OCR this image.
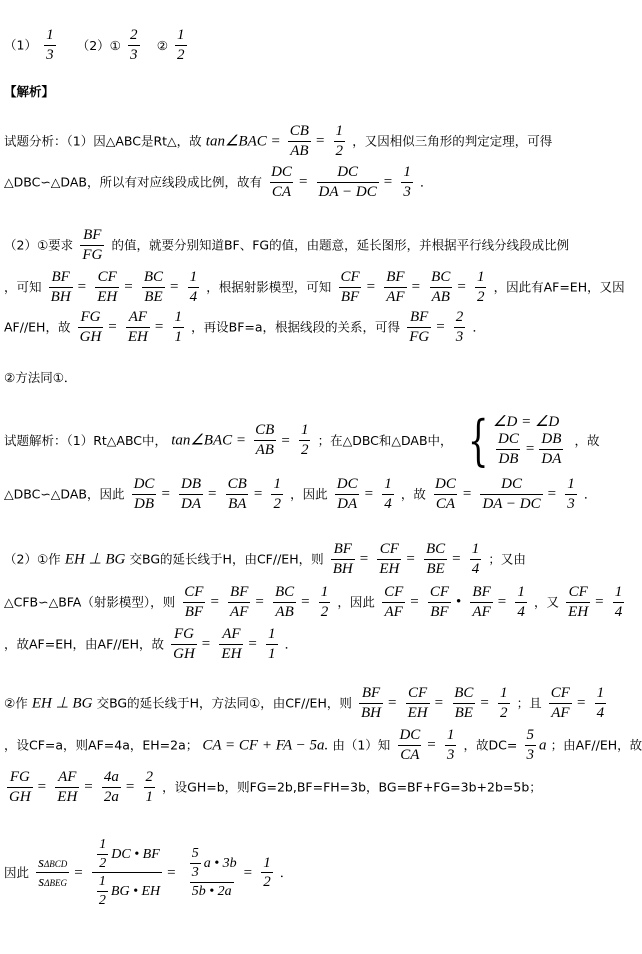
$(1) \frac{1}{3}$ （2）① $\frac{2}{3}$ ② $\frac{1}{2}$
【解析】
试题分析：（1）因△ABC是Rt△，故 tan∠BAC = $\frac{CB}{AB} = \frac{1}{2}$ ，又因相似三角形的判定定理，可得
△DBC∽△DAB，所以有对应线段成比例，故有 $\frac{DC}{CA} = \frac{DC}{DA - DC} = \frac{1}{3}$ ．
（2）①要求 $\frac{BF}{FG}$ 的值，就要分别知道BF、FG的值，由题意，延长图形，并根据平行线分线段成比例
，可知 $\frac{BF}{BH} = \frac{CF}{EH} = \frac{BC}{BE} = \frac{1}{4}$ ，根据射影模型，可知 $\frac{CF}{BF} = \frac{BF}{AF} = \frac{BC}{AB} = \frac{1}{2}$ ，因此有AF=EH，又因
AF//EH，故 $\frac{FG}{GH} = \frac{AF}{EH} = \frac{1}{1}$ ，再设BF=a，根据线段的关系，可得 $\frac{BF}{FG} = \frac{2}{3}$ ．
②方法同①．
试题解析：（1）Rt△ABC中， tan∠BAC = $\frac{CB}{AB} = \frac{1}{2}$ ；在△DBC和△DAB中， { ∠D = ∠D
$\frac{DC}{DB} = \frac{DB}{DA}$ ，故
△DBC∽△DAB，因此 $\frac{DC}{DB} = \frac{DB}{DA} = \frac{CB}{BA} = \frac{1}{2}$ ，因此 $\frac{DC}{DA} = \frac{1}{4}$ ，故 $\frac{DC}{CA} = \frac{DC}{DA - DC} = \frac{1}{3}$ ．
（2）①作 EH ⊥ BG 交BG的延长线于H，由CF//EH，则 $\frac{BF}{BH} = \frac{CF}{EH} = \frac{BC}{BE} = \frac{1}{4}$ ；又由
△CFB∽△BFA（射影模型），则 $\frac{CF}{BF} = \frac{BF}{AF} = \frac{BC}{AB} = \frac{1}{2}$ ，因此 $\frac{CF}{AF} = \frac{CF}{BF}$ • $\frac{BF}{AF} = \frac{1}{4}$ ，又 $\frac{CF}{EH} = \frac{1}{4}$
，故AF=EH，由AF//EH，故 $\frac{FG}{GH} = \frac{AF}{EH} = \frac{1}{1}$ ．
②作 EH ⊥ BG 交BG的延长线于H，方法同①，由CF//EH，则 $\frac{BF}{BH} = \frac{CF}{EH} = \frac{BC}{BE} = \frac{1}{2}$ ；且 $\frac{CF}{AF} = \frac{1}{4}$
，设CF=a，则AF=4a，EH=2a； CA = CF + FA − 5a. 由（1）知 $\frac{DC}{CA} = \frac{1}{3}$ ，故$DC= \frac{5}{3}$ a ；由AF//EH，故
$\frac{FG}{GH} = \frac{AF}{EH} = \frac{4a}{2a} = \frac{2}{1}$ ，设GH=b，则FG=2b,BF=FH=3b，BG=BF+FG=3b+2b=5b；
因此 $\frac{\text{sΔBCD}}{\text{sΔBEG}} = \frac{\frac{1}{2} DC • BF}{\frac{1}{2} BG • EH} = \frac{\frac{5}{3} a • 3b}{5b • 2a} = \frac{1}{2}$ ．
